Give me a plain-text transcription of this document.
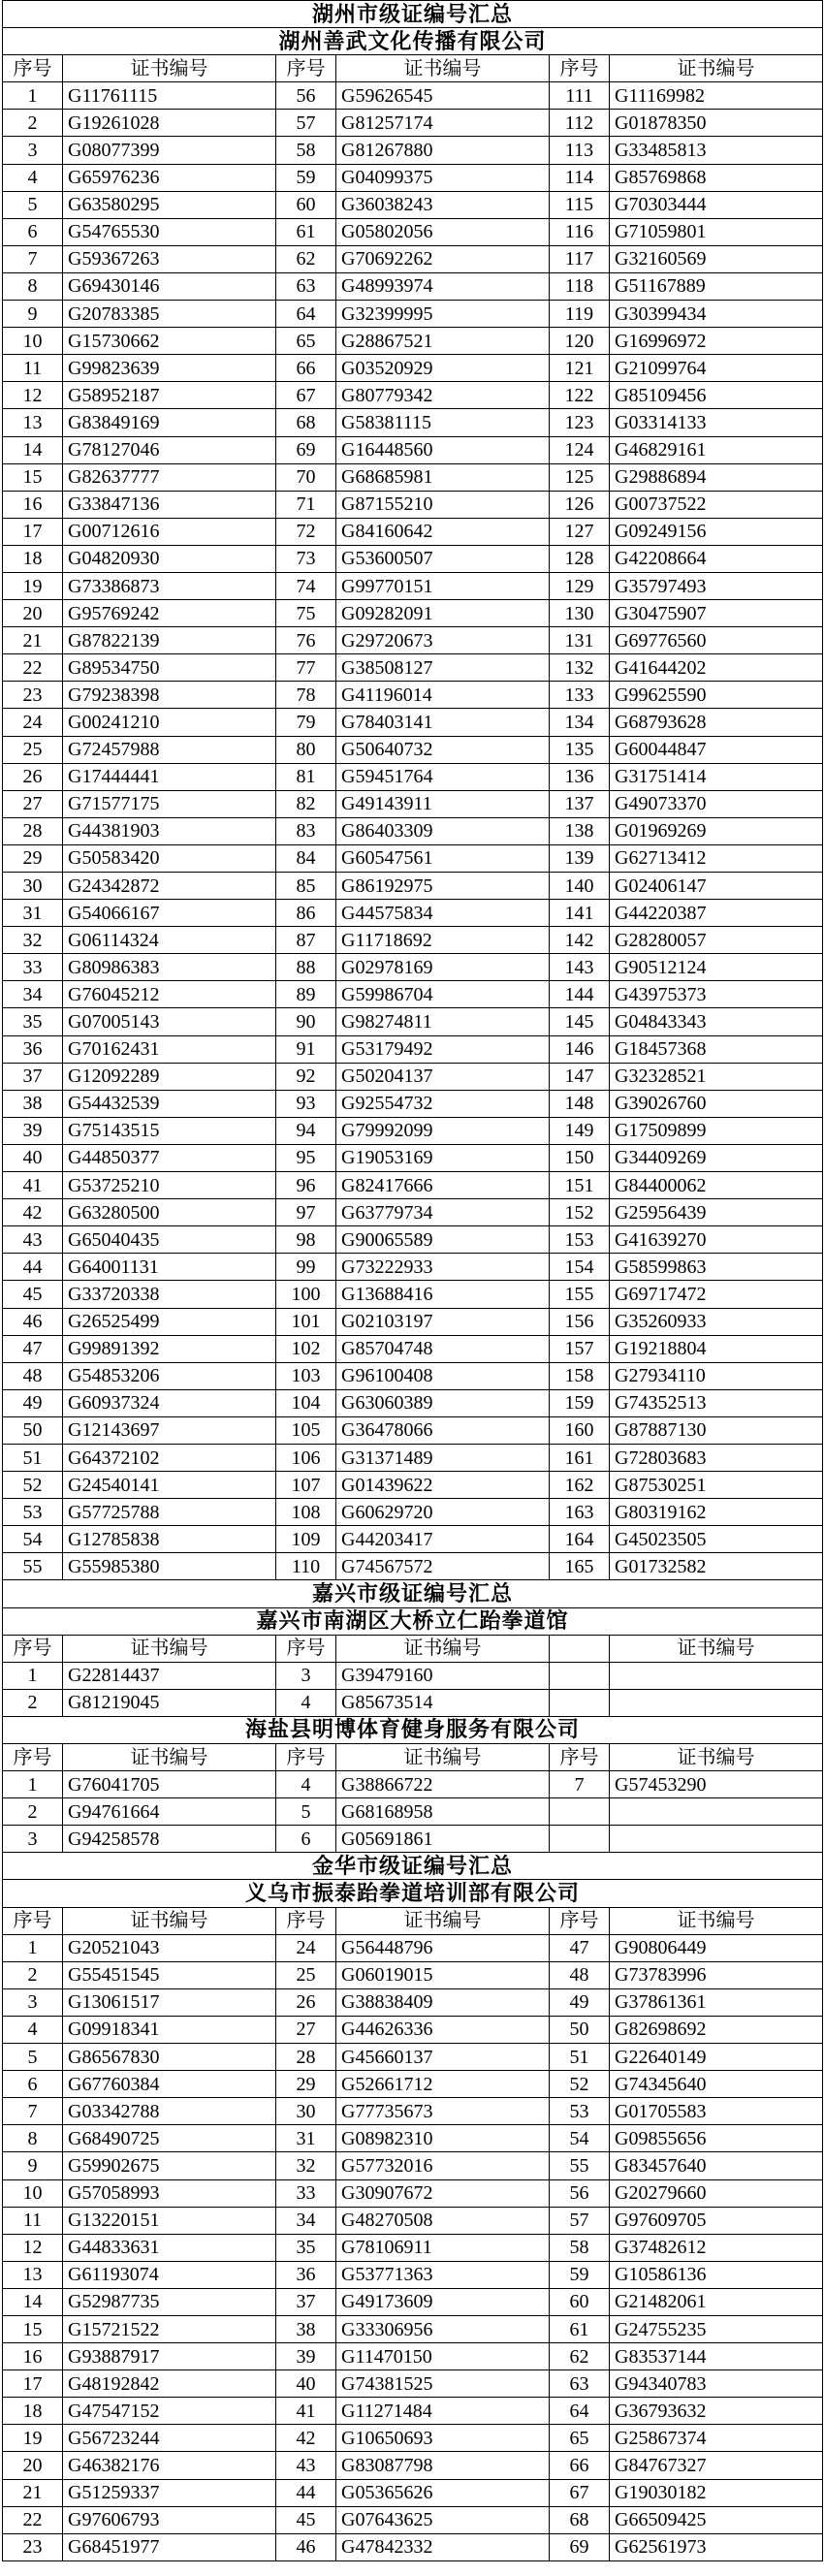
湖州市级证编号汇总					
湖州善武文化传播有限公司					
序号	证书编号	序号	证书编号	序号	证书编号
1	G11761115	56	G59626545	111	G11169982
2	G19261028	57	G81257174	112	G01878350
3	G08077399	58	G81267880	113	G33485813
4	G65976236	59	G04099375	114	G85769868
5	G63580295	60	G36038243	115	G70303444
6	G54765530	61	G05802056	116	G71059801
7	G59367263	62	G70692262	117	G32160569
8	G69430146	63	G48993974	118	G51167889
9	G20783385	64	G32399995	119	G30399434
10	G15730662	65	G28867521	120	G16996972
11	G99823639	66	G03520929	121	G21099764
12	G58952187	67	G80779342	122	G85109456
13	G83849169	68	G58381115	123	G03314133
14	G78127046	69	G16448560	124	G46829161
15	G82637777	70	G68685981	125	G29886894
16	G33847136	71	G87155210	126	G00737522
17	G00712616	72	G84160642	127	G09249156
18	G04820930	73	G53600507	128	G42208664
19	G73386873	74	G99770151	129	G35797493
20	G95769242	75	G09282091	130	G30475907
21	G87822139	76	G29720673	131	G69776560
22	G89534750	77	G38508127	132	G41644202
23	G79238398	78	G41196014	133	G99625590
24	G00241210	79	G78403141	134	G68793628
25	G72457988	80	G50640732	135	G60044847
26	G17444441	81	G59451764	136	G31751414
27	G71577175	82	G49143911	137	G49073370
28	G44381903	83	G86403309	138	G01969269
29	G50583420	84	G60547561	139	G62713412
30	G24342872	85	G86192975	140	G02406147
31	G54066167	86	G44575834	141	G44220387
32	G06114324	87	G11718692	142	G28280057
33	G80986383	88	G02978169	143	G90512124
34	G76045212	89	G59986704	144	G43975373
35	G07005143	90	G98274811	145	G04843343
36	G70162431	91	G53179492	146	G18457368
37	G12092289	92	G50204137	147	G32328521
38	G54432539	93	G92554732	148	G39026760
39	G75143515	94	G79992099	149	G17509899
40	G44850377	95	G19053169	150	G34409269
41	G53725210	96	G82417666	151	G84400062
42	G63280500	97	G63779734	152	G25956439
43	G65040435	98	G90065589	153	G41639270
44	G64001131	99	G73222933	154	G58599863
45	G33720338	100	G13688416	155	G69717472
46	G26525499	101	G02103197	156	G35260933
47	G99891392	102	G85704748	157	G19218804
48	G54853206	103	G96100408	158	G27934110
49	G60937324	104	G63060389	159	G74352513
50	G12143697	105	G36478066	160	G87887130
51	G64372102	106	G31371489	161	G72803683
52	G24540141	107	G01439622	162	G87530251
53	G57725788	108	G60629720	163	G80319162
54	G12785838	109	G44203417	164	G45023505
55	G55985380	110	G74567572	165	G01732582
嘉兴市级证编号汇总					
嘉兴市南湖区大桥立仁跆拳道馆					
序号	证书编号	序号	证书编号		证书编号
1	G22814437	3	G39479160		
2	G81219045	4	G85673514		
海盐县明博体育健身服务有限公司					
序号	证书编号	序号	证书编号	序号	证书编号
1	G76041705	4	G38866722	7	G57453290
2	G94761664	5	G68168958		
3	G94258578	6	G05691861		
金华市级证编号汇总					
义乌市振泰跆拳道培训部有限公司					
序号	证书编号	序号	证书编号	序号	证书编号
1	G20521043	24	G56448796	47	G90806449
2	G55451545	25	G06019015	48	G73783996
3	G13061517	26	G38838409	49	G37861361
4	G09918341	27	G44626336	50	G82698692
5	G86567830	28	G45660137	51	G22640149
6	G67760384	29	G52661712	52	G74345640
7	G03342788	30	G77735673	53	G01705583
8	G68490725	31	G08982310	54	G09855656
9	G59902675	32	G57732016	55	G83457640
10	G57058993	33	G30907672	56	G20279660
11	G13220151	34	G48270508	57	G97609705
12	G44833631	35	G78106911	58	G37482612
13	G61193074	36	G53771363	59	G10586136
14	G52987735	37	G49173609	60	G21482061
15	G15721522	38	G33306956	61	G24755235
16	G93887917	39	G11470150	62	G83537144
17	G48192842	40	G74381525	63	G94340783
18	G47547152	41	G11271484	64	G36793632
19	G56723244	42	G10650693	65	G25867374
20	G46382176	43	G83087798	66	G84767327
21	G51259337	44	G05365626	67	G19030182
22	G97606793	45	G07643625	68	G66509425
23	G68451977	46	G47842332	69	G62561973
